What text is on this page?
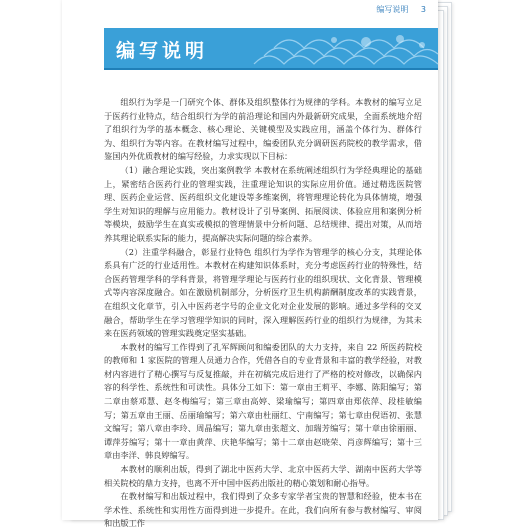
编写说明 3
编写说明

组织行为学是一门研究个体、群体及组织整体行为规律的学科。本教材的编写立足于医药行业特点，结合组织行为学的前沿理论和国内外最新研究成果，全面系统地介绍了组织行为学的基本概念、核心理论、关键模型及实践应用，涵盖个体行为、群体行为、组织行为等内容。在教材编写过程中，编委团队充分调研医药院校的教学需求，借鉴国内外优质教材的编写经验，力求实现以下目标：

（1）融合理论实践，突出案例教学 本教材在系统阐述组织行为学经典理论的基础上，紧密结合医药行业的管理实践，注重理论知识的实际应用价值。通过精选医院管理、医药企业运营、医药组织文化建设等多维案例，将管理理论转化为具体情境，增强学生对知识的理解与应用能力。教材设计了引导案例、拓展阅读、体验应用和案例分析等模块，鼓励学生在真实或模拟的管理情景中分析问题、总结规律、提出对策，从而培养其理论联系实际的能力，提高解决实际问题的综合素养。

（2）注重学科融合，彰显行业特色 组织行为学作为管理学的核心分支，其理论体系具有广泛的行业适用性。本教材在构建知识体系时，充分考虑医药行业的特殊性，结合医药管理学科的学科背景，将管理学理论与医药行业的组织现状、文化背景、管理模式等内容深度融合。如在激励机制部分，分析医疗卫生机构薪酬制度改革的实践背景，在组织文化章节，引入中医药老字号的企业文化对企业发展的影响。通过多学科的交叉融合，帮助学生在学习管理学知识的同时，深入理解医药行业的组织行为规律，为其未来在医药领域的管理实践奠定坚实基础。

本教材的编写工作得到了孔军辉顾问和编委团队的大力支持，来自 22 所医药院校的教师和 1 家医院的管理人员通力合作，凭借各自的专业背景和丰富的教学经验，对教材内容进行了精心撰写与反复推敲，并在初稿完成后进行了严格的校对修改，以确保内容的科学性、系统性和可读性。具体分工如下：第一章由王莉平、李娜、陈阳编写；第二章由蔡邓慧、赵冬梅编写；第三章由高婷、梁瑜编写；第四章由郑依萍、段桂敏编写；第五章由王丽、岳丽瑜编写；第六章由杜丽红、宁南编写；第七章由倪语初、张慧文编写；第八章由李玲、周晶编写；第九章由张超文、加瑞芳编写；第十章由徐丽丽、谭萍芬编写；第十一章由黄萍、庆艳华编写；第十二章由赵晓荣、肖彦辉编写；第十三章由李洋、韩良婷编写。

本教材的顺利出版，得到了湖北中医药大学、北京中医药大学、湖南中医药大学等相关院校的鼎力支持，也离不开中国中医药出版社的精心策划和耐心指导。

在教材编写和出版过程中，我们得到了众多专家学者宝贵的智慧和经验，使本书在学术性、系统性和实用性方面得到进一步提升。在此，我们向所有参与教材编写、审阅和出版工作
